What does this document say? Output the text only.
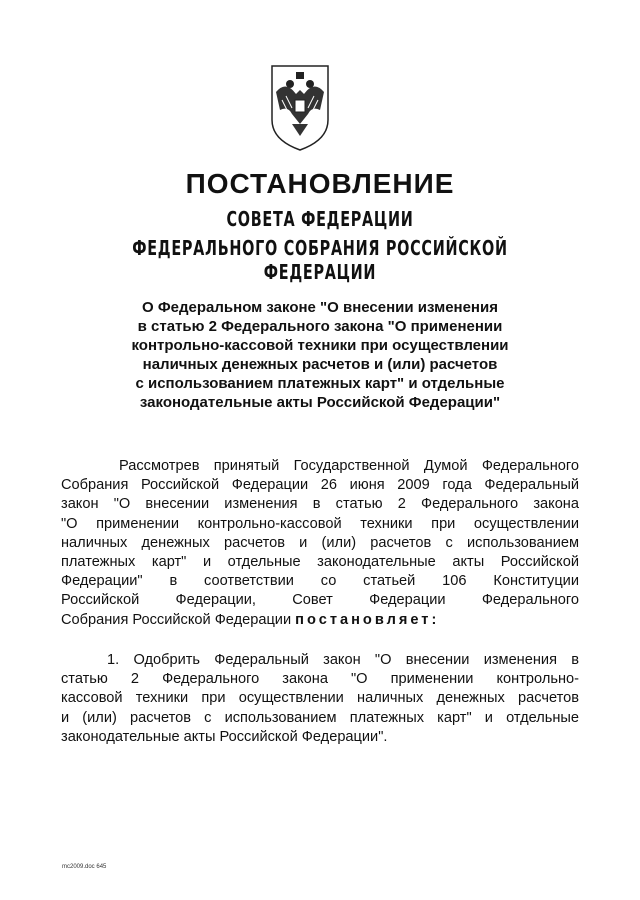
ПОСТАНОВЛЕНИЕ
СОВЕТА ФЕДЕРАЦИИ
ФЕДЕРАЛЬНОГО СОБРАНИЯ РОССИЙСКОЙ ФЕДЕРАЦИИ
О Федеральном законе "О внесении изменения
в статью 2 Федерального закона "О применении
контрольно-кассовой техники при осуществлении
наличных денежных расчетов и (или) расчетов
с использованием платежных карт" и отдельные
законодательные акты Российской Федерации"
Рассмотрев принятый Государственной Думой Федерального
Собрания Российской Федерации 26 июня 2009 года Федеральный
закон "О внесении изменения в статью 2 Федерального закона
"О применении контрольно-кассовой техники при осуществлении
наличных денежных расчетов и (или) расчетов с использованием
платежных карт" и отдельные законодательные акты Российской
Федерации" в соответствии со статьей 106 Конституции
Российской Федерации, Совет Федерации Федерального
Собрания Российской Федерации постановляет:
1. Одобрить Федеральный закон "О внесении изменения в
статью 2 Федерального закона "О применении контрольно-
кассовой техники при осуществлении наличных денежных расчетов
и (или) расчетов с использованием платежных карт" и отдельные
законодательные акты Российской Федерации".
mc2009.doc 645
